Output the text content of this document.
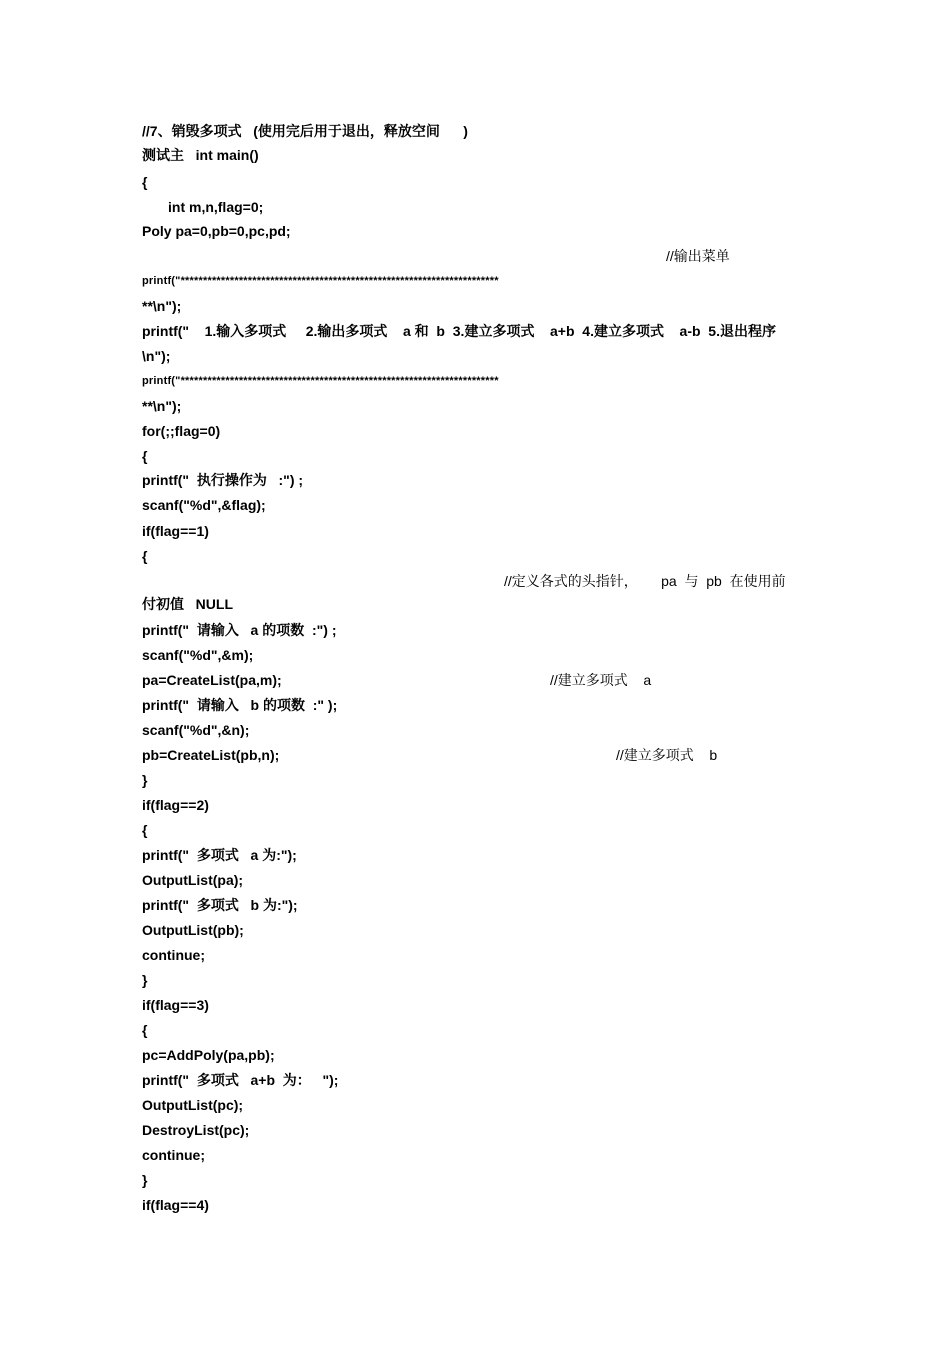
//7、销毁多项式   (使用完后用于退出，释放空间      )
测试主   int main()
{
int m,n,flag=0;
Poly pa=0,pb=0,pc,pd;
//输出菜单
printf("***********************************************************************
**\n");
printf("    1.输入多项式     2.输出多项式    a 和  b  3.建立多项式    a+b  4.建立多项式    a-b  5.退出程序
\n");
printf("***********************************************************************
**\n");
for(;;flag=0)
{
printf("  执行操作为   :") ;
scanf("%d",&flag);
if(flag==1)
{
//定义各式的头指针，      pa  与  pb  在使用前
付初值   NULL
printf("  请输入   a 的项数  :") ;
scanf("%d",&m);
pa=CreateList(pa,m);	//建立多项式    a
printf("  请输入   b 的项数  :" );
scanf("%d",&n);
pb=CreateList(pb,n);	//建立多项式    b
}
if(flag==2)
{
printf("  多项式   a 为:");
OutputList(pa);
printf("  多项式   b 为:");
OutputList(pb);
continue;
}
if(flag==3)
{
pc=AddPoly(pa,pb);
printf("  多项式   a+b  为：   ");
OutputList(pc);
DestroyList(pc);
continue;
}
if(flag==4)
